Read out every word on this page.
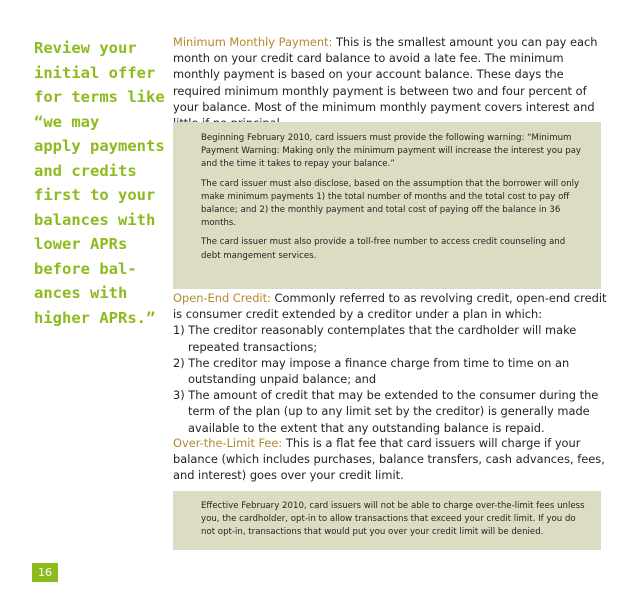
Review your
initial offer
for terms like
“we may
apply payments
and credits
first to your
balances with
lower APRs
before bal-
ances with
higher APRs.”

Minimum Monthly Payment: This is the smallest amount you can pay each month on your credit card balance to avoid a late fee. The minimum monthly payment is based on your account balance. These days the required minimum monthly payment is between two and four percent of your balance. Most of the minimum monthly payment covers interest and

Beginning February 2010, card issuers must provide the following warning: “Minimum Payment Warning: Making only the minimum payment will increase the interest you pay and the time it takes to repay your balance.”

The card issuer must also disclose, based on the assumption that the borrower will only make minimum payments 1) the total number of months and the total cost to pay off balance; and 2) the monthly payment and total cost of paying off the balance in 36 months.

The card issuer must also provide a toll-free number to access credit counseling and debt mangement services.

Open-End Credit: Commonly referred to as revolving credit, open-end credit is consumer credit extended by a creditor under a plan in which:

1) The creditor reasonably contemplates that the cardholder will make repeated transactions;
2) The creditor may impose a finance charge from time to time on an outstanding unpaid balance; and
3) The amount of credit that may be extended to the consumer during the term of the plan (up to any limit set by the creditor) is generally made available to the extent that any outstanding balance is repaid.

Over-the-Limit Fee: This is a flat fee that card issuers will charge if your balance (which includes purchases, balance transfers, cash advances, fees, and interest) goes over your credit limit.

Effective February 2010, card issuers will not be able to charge over-the-limit fees unless you, the cardholder, opt-in to allow transactions that exceed your credit limit. If you do not opt-in, transactions that would put you over your credit limit will be denied.

16
